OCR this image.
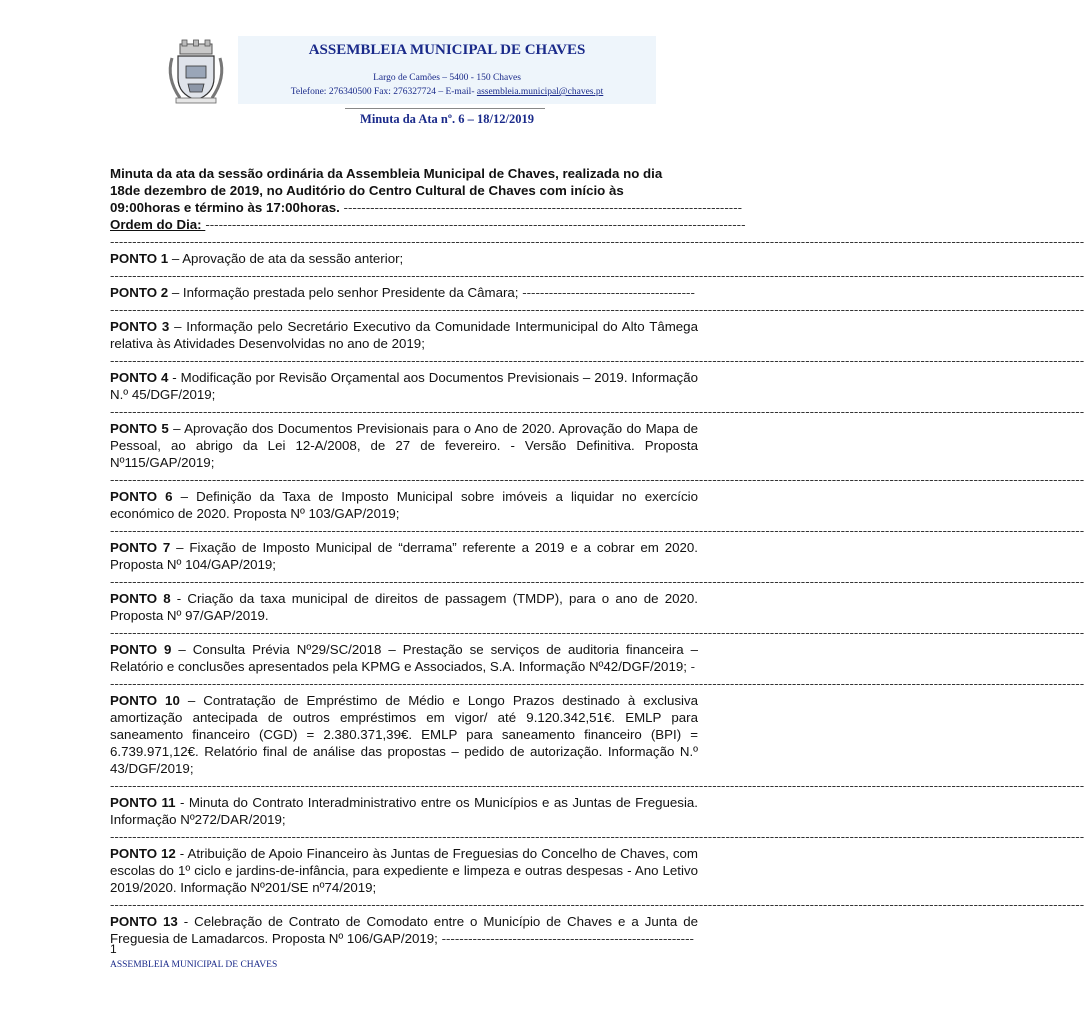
ASSEMBLEIA MUNICIPAL DE CHAVES
Largo de Camões – 5400 - 150 Chaves
Telefone: 276340500 Fax: 276327724 – E-mail- assembleia.municipal@chaves.pt
Minuta da Ata nº. 6 – 18/12/2019

Minuta da ata da sessão ordinária da Assembleia Municipal de Chaves, realizada no dia

18de dezembro de 2019, no Auditório do Centro Cultural de Chaves com início às

09:00horas e término às 17:00horas. ------------------------------------------------------------------------------------------

Ordem do Dia: --------------------------------------------------------------------------------------------------------------------------

----------------------------------------------------------------------------------------------------------------------------------------------------------------------------------------------------------------------------

PONTO 1 – Aprovação de ata da sessão anterior;

----------------------------------------------------------------------------------------------------------------------------------------------------------------------------------------------------------------------------

PONTO 2 – Informação prestada pelo senhor Presidente da Câmara; ---------------------------------------

----------------------------------------------------------------------------------------------------------------------------------------------------------------------------------------------------------------------------

PONTO 3 – Informação pelo Secretário Executivo da Comunidade Intermunicipal do Alto Tâmega relativa às Atividades Desenvolvidas no ano de 2019;

----------------------------------------------------------------------------------------------------------------------------------------------------------------------------------------------------------------------------

PONTO 4 - Modificação por Revisão Orçamental aos Documentos Previsionais – 2019. Informação N.º 45/DGF/2019;

----------------------------------------------------------------------------------------------------------------------------------------------------------------------------------------------------------------------------

PONTO 5 – Aprovação dos Documentos Previsionais para o Ano de 2020. Aprovação do Mapa de Pessoal, ao abrigo da Lei 12-A/2008, de 27 de fevereiro. - Versão Definitiva. Proposta Nº115/GAP/2019;

----------------------------------------------------------------------------------------------------------------------------------------------------------------------------------------------------------------------------

PONTO 6 – Definição da Taxa de Imposto Municipal sobre imóveis a liquidar no exercício económico de 2020. Proposta Nº 103/GAP/2019;

----------------------------------------------------------------------------------------------------------------------------------------------------------------------------------------------------------------------------

PONTO 7 – Fixação de Imposto Municipal de “derrama” referente a 2019 e a cobrar em 2020. Proposta Nº 104/GAP/2019;

----------------------------------------------------------------------------------------------------------------------------------------------------------------------------------------------------------------------------

PONTO 8 - Criação da taxa municipal de direitos de passagem (TMDP), para o ano de 2020. Proposta Nº 97/GAP/2019.

----------------------------------------------------------------------------------------------------------------------------------------------------------------------------------------------------------------------------

PONTO 9 – Consulta Prévia Nº29/SC/2018 – Prestação se serviços de auditoria financeira – Relatório e conclusões apresentados pela KPMG e Associados, S.A. Informação Nº42/DGF/2019; -

----------------------------------------------------------------------------------------------------------------------------------------------------------------------------------------------------------------------------

PONTO 10 – Contratação de Empréstimo de Médio e Longo Prazos destinado à exclusiva amortização antecipada de outros empréstimos em vigor/ até 9.120.342,51€. EMLP para saneamento financeiro (CGD) = 2.380.371,39€. EMLP para saneamento financeiro (BPI) = 6.739.971,12€. Relatório final de análise das propostas – pedido de autorização. Informação N.º 43/DGF/2019;

----------------------------------------------------------------------------------------------------------------------------------------------------------------------------------------------------------------------------

PONTO 11 - Minuta do Contrato Interadministrativo entre os Municípios e as Juntas de Freguesia. Informação Nº272/DAR/2019;

----------------------------------------------------------------------------------------------------------------------------------------------------------------------------------------------------------------------------

PONTO 12 - Atribuição de Apoio Financeiro às Juntas de Freguesias do Concelho de Chaves, com escolas do 1º ciclo e jardins-de-infância, para expediente e limpeza e outras despesas - Ano Letivo 2019/2020. Informação Nº201/SE nº74/2019;

----------------------------------------------------------------------------------------------------------------------------------------------------------------------------------------------------------------------------

PONTO 13 - Celebração de Contrato de Comodato entre o Município de Chaves e a Junta de Freguesia de Lamadarcos. Proposta Nº 106/GAP/2019; ---------------------------------------------------------

1
ASSEMBLEIA MUNICIPAL DE CHAVES
